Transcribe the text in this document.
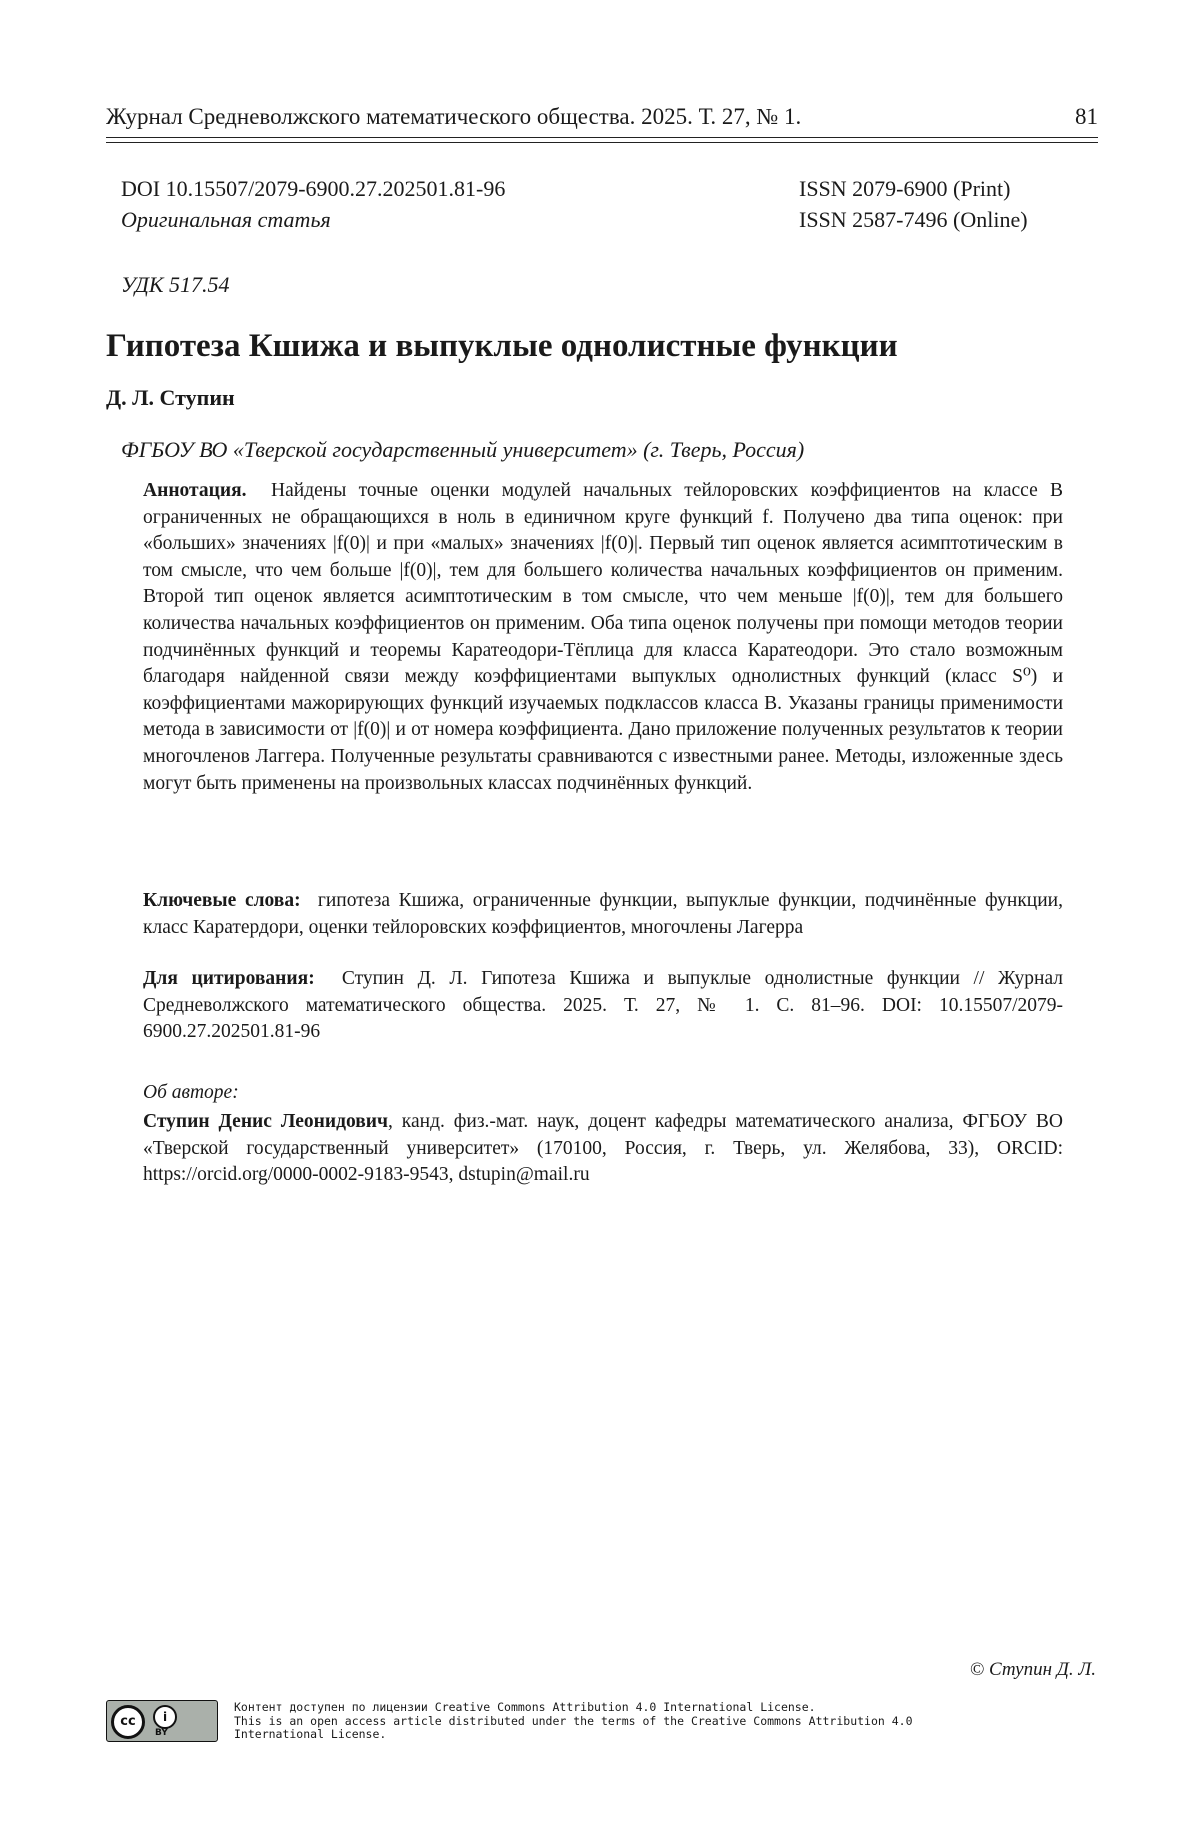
Журнал Средневолжского математического общества. 2025. Т. 27, № 1.	81
DOI 10.15507/2079-6900.27.202501.81-96
Оригинальная статья
ISSN 2079-6900 (Print)
ISSN 2587-7496 (Online)
УДК 517.54
Гипотеза Кшижа и выпуклые однолистные функции
Д. Л. Ступин
ФГБОУ ВО «Тверской государственный университет» (г. Тверь, Россия)

Аннотация. Найдены точные оценки модулей начальных тейлоровских коэффициентов на классе B ограниченных не обращающихся в ноль в единичном круге функций f. Получено два типа оценок: при «больших» значениях |f(0)| и при «малых» значениях |f(0)|. Первый тип оценок является асимптотическим в том смысле, что чем больше |f(0)|, тем для большего количества начальных коэффициентов он применим. Второй тип оценок является асимптотическим в том смысле, что чем меньше |f(0)|, тем для большего количества начальных коэффициентов он применим. Оба типа оценок получены при помощи методов теории подчинённых функций и теоремы Каратеодори-Тёплица для класса Каратеодори. Это стало возможным благодаря найденной связи между коэффициентами выпуклых однолистных функций (класс S⁰) и коэффициентами мажорирующих функций изучаемых подклассов класса B. Указаны границы применимости метода в зависимости от |f(0)| и от номера коэффициента. Дано приложение полученных результатов к теории многочленов Лаггера. Полученные результаты сравниваются с известными ранее. Методы, изложенные здесь могут быть применены на произвольных классах подчинённых функций.

Ключевые слова: гипотеза Кшижа, ограниченные функции, выпуклые функции, подчинённые функции, класс Каратердори, оценки тейлоровских коэффициентов, многочлены Лагерра

Для цитирования: Ступин Д. Л. Гипотеза Кшижа и выпуклые однолистные функции // Журнал Средневолжского математического общества. 2025. Т. 27, № 1. С. 81–96. DOI: 10.15507/2079-6900.27.202501.81-96

Об авторе:

Ступин Денис Леонидович, канд. физ.-мат. наук, доцент кафедры математического анализа, ФГБОУ ВО «Тверской государственный университет» (170100, Россия, г. Тверь, ул. Желябова, 33), ORCID: https://orcid.org/0000-0002-9183-9543, dstupin@mail.ru

© Ступин Д. Л.
cc	i
BY
Контент доступен по лицензии Creative Commons Attribution 4.0 International License.
This is an open access article distributed under the terms of the Creative Commons Attribution 4.0 International License.
